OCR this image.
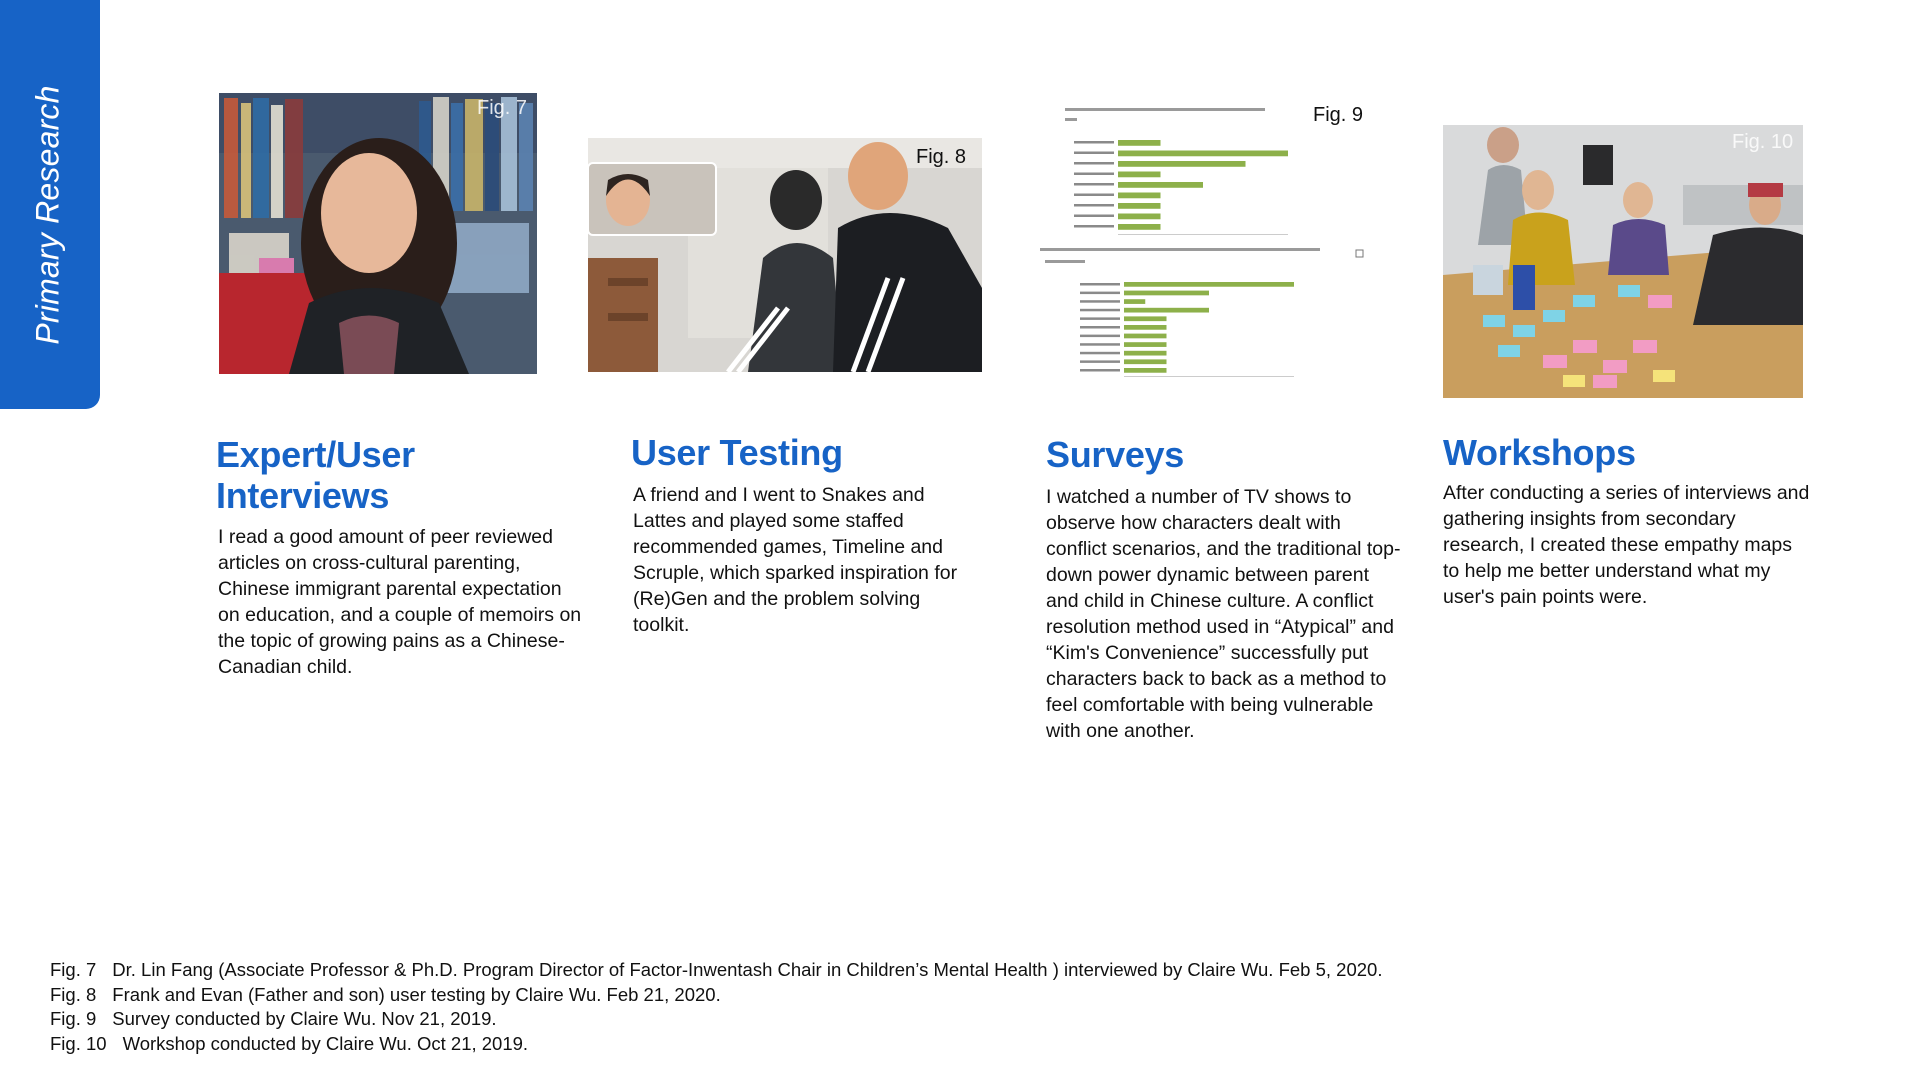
Primary Research	Fig. 7
Fig. 8
Fig. 9
Fig. 10
Expert/User
Interviews
User Testing	Surveys	Workshops

I read a good amount of peer reviewed articles on cross-cultural parenting, Chinese immigrant parental expectation on education, and a couple of memoirs on the topic of growing pains as a Chinese-Canadian child.

A friend and I went to Snakes and Lattes and played some staffed recommended games, Timeline and Scruple, which sparked inspiration for (Re)Gen and the problem solving toolkit.

I watched a number of TV shows to observe how characters dealt with conflict scenarios, and the traditional top-down power dynamic between parent and child in Chinese culture. A conflict resolution method used in “Atypical” and “Kim's Convenience” successfully put characters back to back as a method to feel comfortable with being vulnerable with one another.

After conducting a series of interviews and gathering insights from secondary research, I created these empathy maps to help me better understand what my user's pain points were.

Fig. 7 Dr. Lin Fang (Associate Professor & Ph.D. Program Director of Factor-Inwentash Chair in Children’s Mental Health ) interviewed by Claire Wu. Feb 5, 2020.
Fig. 8 Frank and Evan (Father and son) user testing by Claire Wu. Feb 21, 2020.
Fig. 9 Survey conducted by Claire Wu. Nov 21, 2019.
Fig. 10 Workshop conducted by Claire Wu. Oct 21, 2019.
